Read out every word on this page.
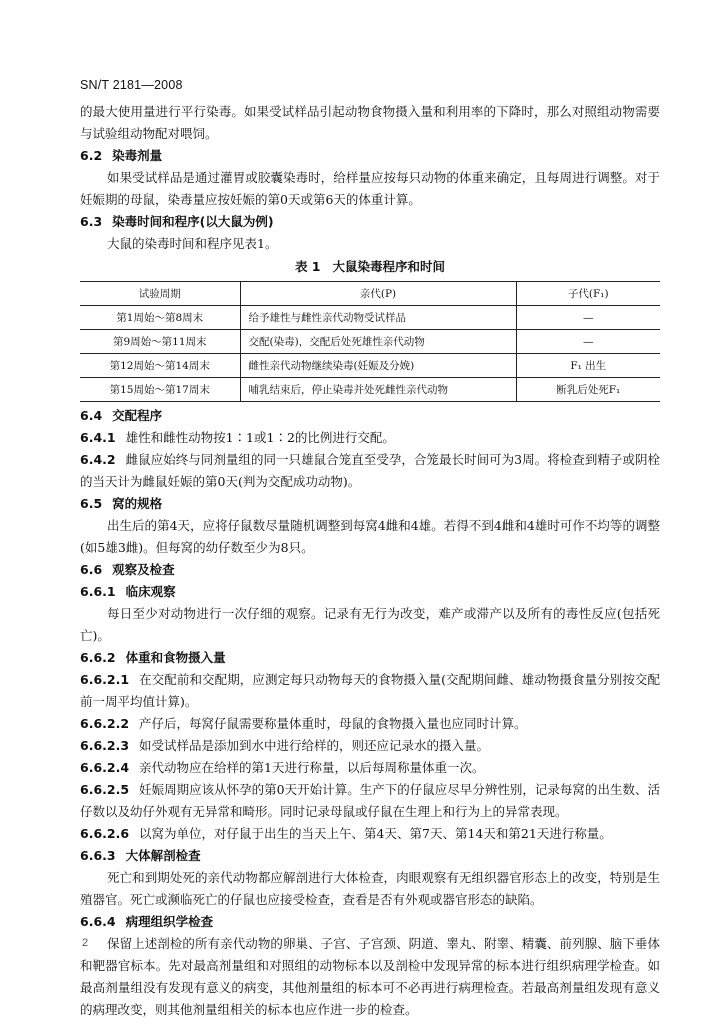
SN/T 2181—2008

的最大使用量进行平行染毒。如果受试样品引起动物食物摄入量和利用率的下降时，那么对照组动物需要与试验组动物配对喂饲。

6.2 染毒剂量

如果受试样品是通过灌胃或胶囊染毒时，给样量应按每只动物的体重来确定，且每周进行调整。对于妊娠期的母鼠，染毒量应按妊娠的第0天或第6天的体重计算。

6.3 染毒时间和程序(以大鼠为例)

大鼠的染毒时间和程序见表1。

表 1 大鼠染毒程序和时间
试验周期	亲代(P)	子代(F₁)
第1周始～第8周末	给予雄性与雌性亲代动物受试样品	—
第9周始～第11周末	交配(染毒)，交配后处死雄性亲代动物	—
第12周始～第14周末	雌性亲代动物继续染毒(妊娠及分娩)	F₁ 出生
第15周始～第17周末	哺乳结束后，停止染毒并处死雌性亲代动物	断乳后处死F₁
6.4 交配程序

6.4.1 雄性和雌性动物按1∶1或1∶2的比例进行交配。

6.4.2 雌鼠应始终与同剂量组的同一只雄鼠合笼直至受孕，合笼最长时间可为3周。将检查到精子或阴栓的当天计为雌鼠妊娠的第0天(判为交配成功动物)。

6.5 窝的规格

出生后的第4天，应将仔鼠数尽量随机调整到每窝4雌和4雄。若得不到4雌和4雄时可作不均等的调整(如5雄3雌)。但每窝的幼仔数至少为8只。

6.6 观察及检查
6.6.1 临床观察

每日至少对动物进行一次仔细的观察。记录有无行为改变，难产或滞产以及所有的毒性反应(包括死亡)。

6.6.2 体重和食物摄入量

6.6.2.1 在交配前和交配期，应测定每只动物每天的食物摄入量(交配期间雌、雄动物摄食量分别按交配前一周平均值计算)。

6.6.2.2 产仔后，每窝仔鼠需要称量体重时，母鼠的食物摄入量也应同时计算。

6.6.2.3 如受试样品是添加到水中进行给样的，则还应记录水的摄入量。

6.6.2.4 亲代动物应在给样的第1天进行称量，以后每周称量体重一次。

6.6.2.5 妊娠周期应该从怀孕的第0天开始计算。生产下的仔鼠应尽早分辨性别，记录每窝的出生数、活仔数以及幼仔外观有无异常和畸形。同时记录母鼠或仔鼠在生理上和行为上的异常表现。

6.6.2.6 以窝为单位，对仔鼠于出生的当天上午、第4天、第7天、第14天和第21天进行称量。

6.6.3 大体解剖检查

死亡和到期处死的亲代动物都应解剖进行大体检查，肉眼观察有无组织器官形态上的改变，特别是生殖器官。死亡或濒临死亡的仔鼠也应接受检查，查看是否有外观或器官形态的缺陷。

6.6.4 病理组织学检查

保留上述剖检的所有亲代动物的卵巢、子宫、子宫颈、阴道、睾丸、附睾、精囊、前列腺、脑下垂体和靶器官标本。先对最高剂量组和对照组的动物标本以及剖检中发现异常的标本进行组织病理学检查。如最高剂量组没有发现有意义的病变，其他剂量组的标本可不必再进行病理检查。若最高剂量组发现有意义的病理改变，则其他剂量组相关的标本也应作进一步的检查。

2
